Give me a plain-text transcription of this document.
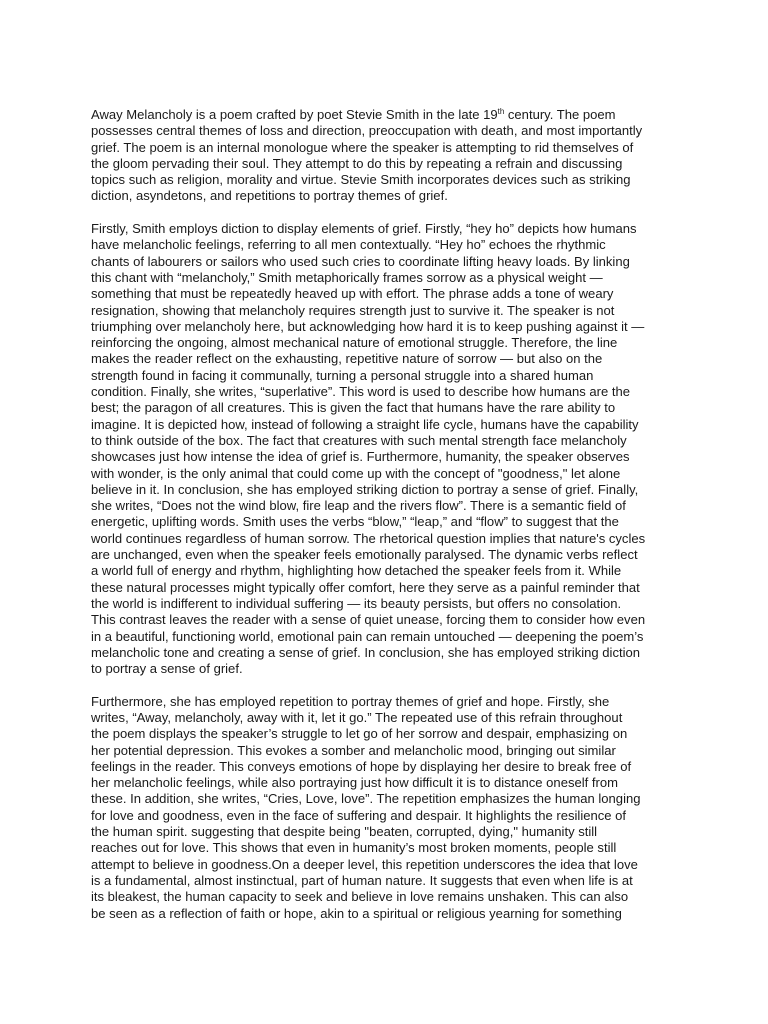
Away Melancholy is a poem crafted by poet Stevie Smith in the late 19th century. The poem
possesses central themes of loss and direction, preoccupation with death, and most importantly
grief. The poem is an internal monologue where the speaker is attempting to rid themselves of
the gloom pervading their soul. They attempt to do this by repeating a refrain and discussing
topics such as religion, morality and virtue. Stevie Smith incorporates devices such as striking
diction, asyndetons, and repetitions to portray themes of grief.

Firstly, Smith employs diction to display elements of grief. Firstly, “hey ho” depicts how humans
have melancholic feelings, referring to all men contextually. “Hey ho” echoes the rhythmic
chants of labourers or sailors who used such cries to coordinate lifting heavy loads. By linking
this chant with “melancholy,” Smith metaphorically frames sorrow as a physical weight —
something that must be repeatedly heaved up with effort. The phrase adds a tone of weary
resignation, showing that melancholy requires strength just to survive it. The speaker is not
triumphing over melancholy here, but acknowledging how hard it is to keep pushing against it —
reinforcing the ongoing, almost mechanical nature of emotional struggle. Therefore, the line
makes the reader reflect on the exhausting, repetitive nature of sorrow — but also on the
strength found in facing it communally, turning a personal struggle into a shared human
condition. Finally, she writes, “superlative”. This word is used to describe how humans are the
best; the paragon of all creatures. This is given the fact that humans have the rare ability to
imagine. It is depicted how, instead of following a straight life cycle, humans have the capability
to think outside of the box. The fact that creatures with such mental strength face melancholy
showcases just how intense the idea of grief is. Furthermore, humanity, the speaker observes
with wonder, is the only animal that could come up with the concept of "goodness," let alone
believe in it. In conclusion, she has employed striking diction to portray a sense of grief. Finally,
she writes, “Does not the wind blow, fire leap and the rivers flow”. There is a semantic field of
energetic, uplifting words. Smith uses the verbs “blow,” “leap,” and “flow” to suggest that the
world continues regardless of human sorrow. The rhetorical question implies that nature's cycles
are unchanged, even when the speaker feels emotionally paralysed. The dynamic verbs reflect
a world full of energy and rhythm, highlighting how detached the speaker feels from it. While
these natural processes might typically offer comfort, here they serve as a painful reminder that
the world is indifferent to individual suffering — its beauty persists, but offers no consolation.
This contrast leaves the reader with a sense of quiet unease, forcing them to consider how even
in a beautiful, functioning world, emotional pain can remain untouched — deepening the poem’s
melancholic tone and creating a sense of grief. In conclusion, she has employed striking diction
to portray a sense of grief.

Furthermore, she has employed repetition to portray themes of grief and hope. Firstly, she
writes, “Away, melancholy, away with it, let it go.” The repeated use of this refrain throughout
the poem displays the speaker’s struggle to let go of her sorrow and despair, emphasizing on
her potential depression. This evokes a somber and melancholic mood, bringing out similar
feelings in the reader. This conveys emotions of hope by displaying her desire to break free of
her melancholic feelings, while also portraying just how difficult it is to distance oneself from
these. In addition, she writes, “Cries, Love, love”. The repetition emphasizes the human longing
for love and goodness, even in the face of suffering and despair. It highlights the resilience of
the human spirit. suggesting that despite being "beaten, corrupted, dying," humanity still
reaches out for love. This shows that even in humanity’s most broken moments, people still
attempt to believe in goodness.On a deeper level, this repetition underscores the idea that love
is a fundamental, almost instinctual, part of human nature. It suggests that even when life is at
its bleakest, the human capacity to seek and believe in love remains unshaken. This can also
be seen as a reflection of faith or hope, akin to a spiritual or religious yearning for something
